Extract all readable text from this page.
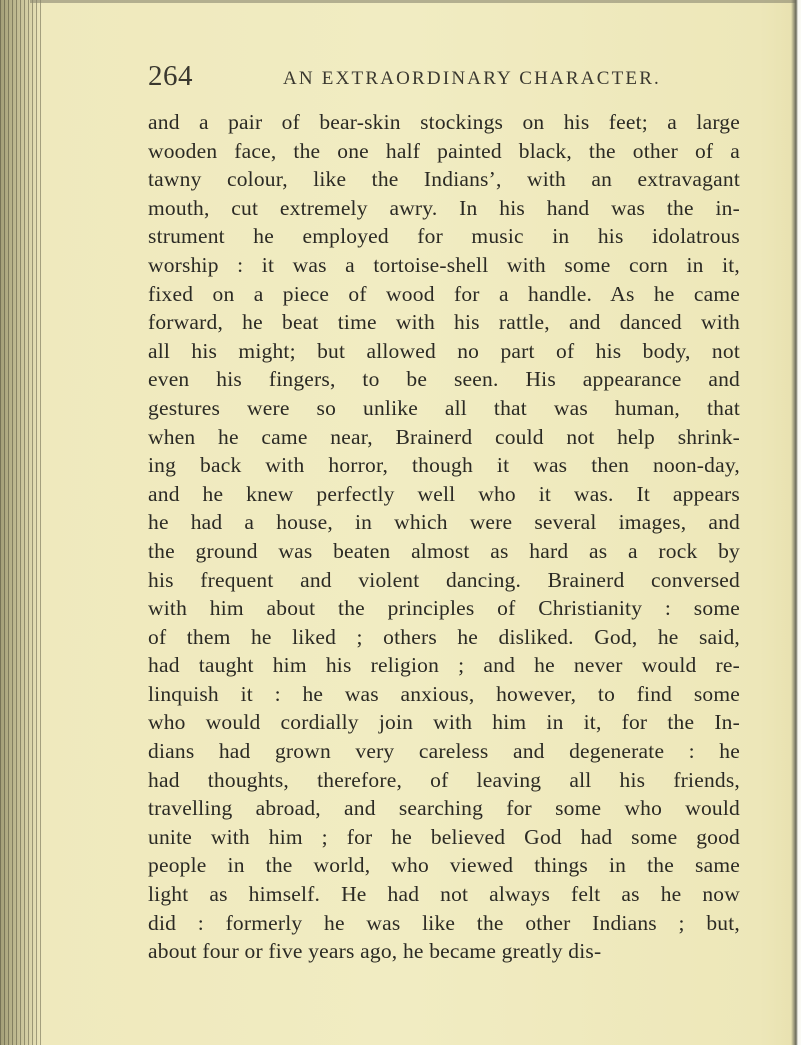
264	AN EXTRAORDINARY CHARACTER.
and a pair of bear-skin stockings on his feet; a large
wooden face, the one half painted black, the other of a
tawny colour, like the Indians’, with an extravagant
mouth, cut extremely awry. In his hand was the in-
strument he employed for music in his idolatrous
worship : it was a tortoise-shell with some corn in it,
fixed on a piece of wood for a handle. As he came
forward, he beat time with his rattle, and danced with
all his might; but allowed no part of his body, not
even his fingers, to be seen. His appearance and
gestures were so unlike all that was human, that
when he came near, Brainerd could not help shrink-
ing back with horror, though it was then noon-day,
and he knew perfectly well who it was. It appears
he had a house, in which were several images, and
the ground was beaten almost as hard as a rock by
his frequent and violent dancing. Brainerd conversed
with him about the principles of Christianity : some
of them he liked ; others he disliked. God, he said,
had taught him his religion ; and he never would re-
linquish it : he was anxious, however, to find some
who would cordially join with him in it, for the In-
dians had grown very careless and degenerate : he
had thoughts, therefore, of leaving all his friends,
travelling abroad, and searching for some who would
unite with him ; for he believed God had some good
people in the world, who viewed things in the same
light as himself. He had not always felt as he now
did : formerly he was like the other Indians ; but,
about four or five years ago, he became greatly dis-
